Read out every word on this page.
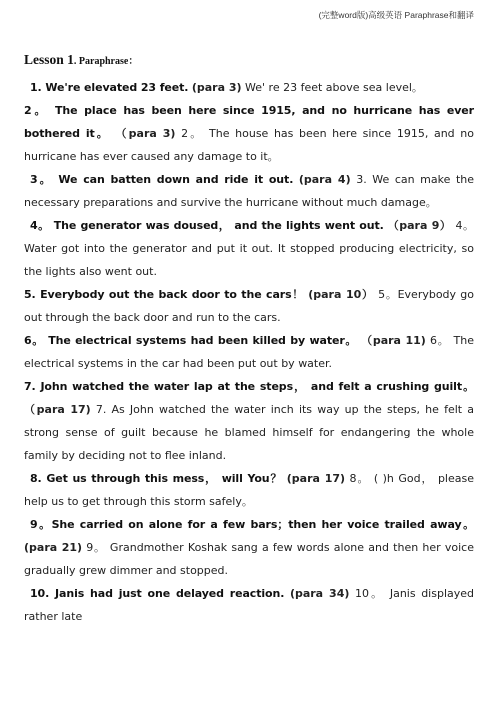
(完整word版)高级英语 Paraphrase和翻译
Lesson 1. Paraphrase：

1. We're elevated 23 feet. (para 3) We' re 23 feet above sea level。

2。 The place has been here since 1915, and no hurricane has ever bothered it。 （para 3) 2。 The house has been here since 1915, and no hurricane has ever caused any damage to it。

3。 We can batten down and ride it out. (para 4) 3. We can make the necessary preparations and survive the hurricane without much damage。

4。 The generator was doused， and the lights went out. （para 9） 4。 Water got into the generator and put it out. It stopped producing electricity, so the lights also went out.

5. Everybody out the back door to the cars！ (para 10） 5。Everybody go out through the back door and run to the cars.

6。 The electrical systems had been killed by water。 （para 11) 6。 The electrical systems in the car had been put out by water.

7. John watched the water lap at the steps， and felt a crushing guilt。 （para 17) 7. As John watched the water inch its way up the steps, he felt a strong sense of guilt because he blamed himself for endangering the whole family by deciding not to flee inland.

8. Get us through this mess， will You？ (para 17) 8。 ( )h God， please help us to get through this storm safely。

9。She carried on alone for a few bars；then her voice trailed away。 (para 21) 9。 Grandmother Koshak sang a few words alone and then her voice gradually grew dimmer and stopped.

10. Janis had just one delayed reaction. (para 34) 10。 Janis displayed rather late
